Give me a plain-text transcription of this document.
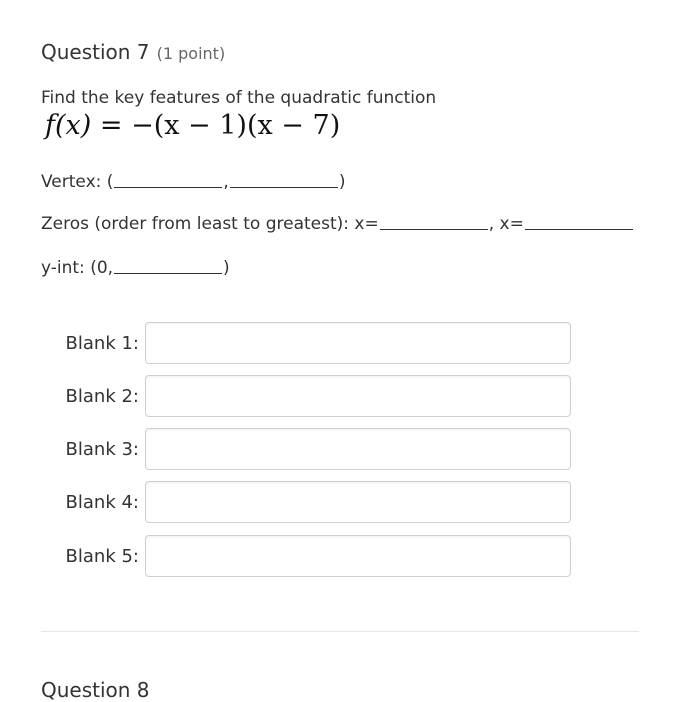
Question 7 (1 point)
Find the key features of the quadratic function
f(x) = −(x − 1)(x − 7)
Vertex: (	,	)
Zeros (order from least to greatest): x=	, x=
y-int: (0,	)
Blank 1:
Blank 2:
Blank 3:
Blank 4:
Blank 5:
Question 8
